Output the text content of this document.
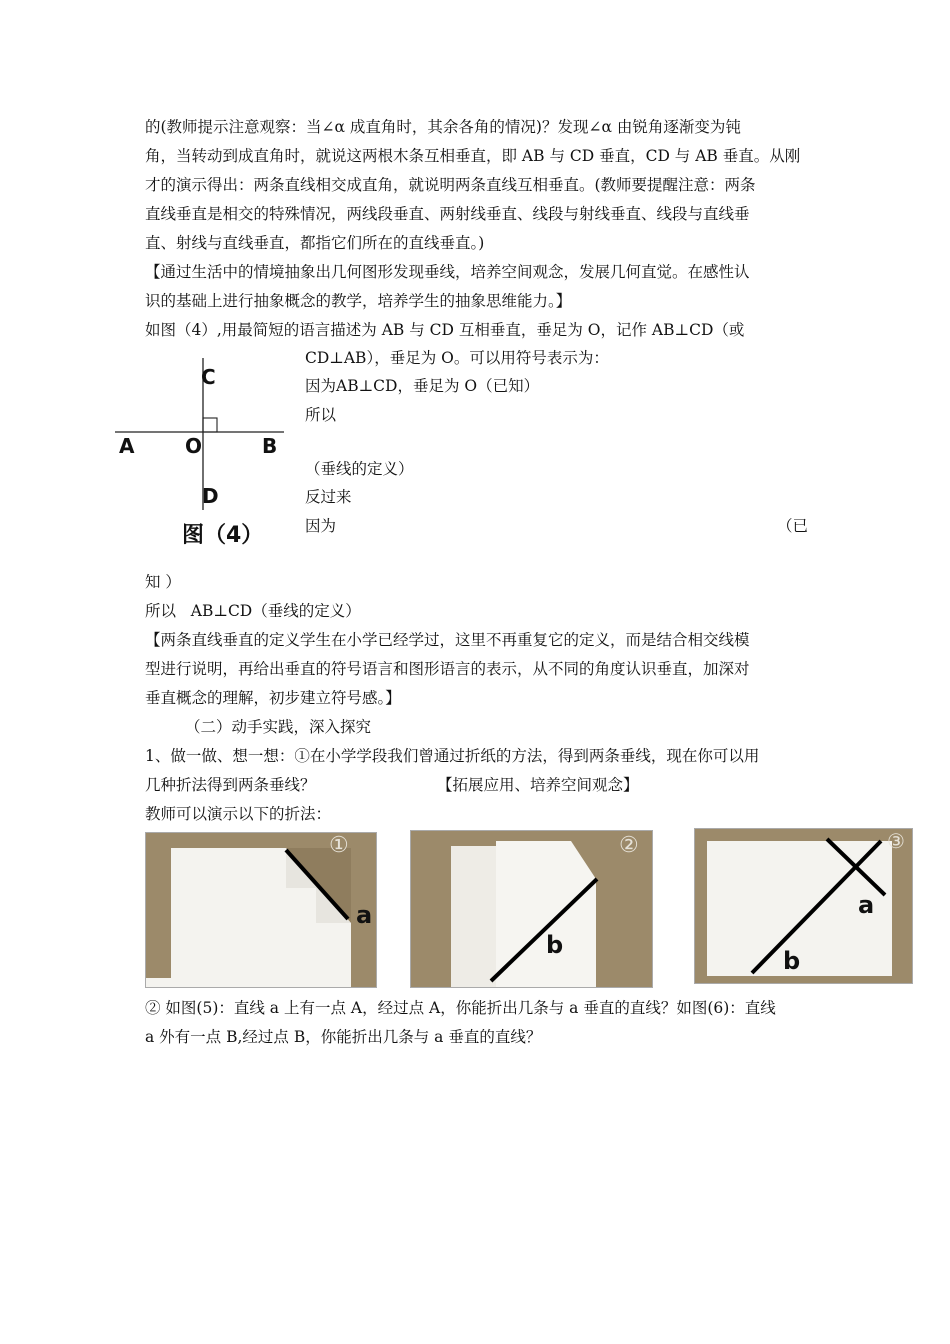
的(教师提示注意观察：当∠α 成直角时，其余各角的情况)？发现∠α 由锐角逐渐变为钝
角，当转动到成直角时，就说这两根木条互相垂直，即 AB 与 CD 垂直，CD 与 AB 垂直。从刚
才的演示得出：两条直线相交成直角，就说明两条直线互相垂直。(教师要提醒注意：两条
直线垂直是相交的特殊情况，两线段垂直、两射线垂直、线段与射线垂直、线段与直线垂
直、射线与直线垂直，都指它们所在的直线垂直。)
【通过生活中的情境抽象出几何图形发现垂线，培养空间观念，发展几何直觉。在感性认
识的基础上进行抽象概念的教学，培养学生的抽象思维能力。】
如图（4）,用最简短的语言描述为 AB 与 CD 互相垂直，垂足为 O，记作 AB⊥CD（或
C
A	O	B
D
图（4）
CD⊥AB），垂足为 O。可以用符号表示为：
因为AB⊥CD，垂足为 O（已知）
所以
（垂线的定义）
反过来
因为	（已
知 ）
所以   AB⊥CD（垂线的定义）
【两条直线垂直的定义学生在小学已经学过，这里不再重复它的定义，而是结合相交线模
型进行说明，再给出垂直的符号语言和图形语言的表示，从不同的角度认识垂直，加深对
垂直概念的理解，初步建立符号感。】
（二）动手实践，深入探究
1、做一做、想一想：①在小学学段我们曾通过折纸的方法，得到两条垂线，现在你可以用
几种折法得到两条垂线？	【拓展应用、培养空间观念】
教师可以演示以下的折法：
①
a
②
b
③
a
b
② 如图(5)：直线 a 上有一点 A，经过点 A，你能折出几条与 a 垂直的直线？如图(6)：直线
a 外有一点 B,经过点 B，你能折出几条与 a 垂直的直线？
